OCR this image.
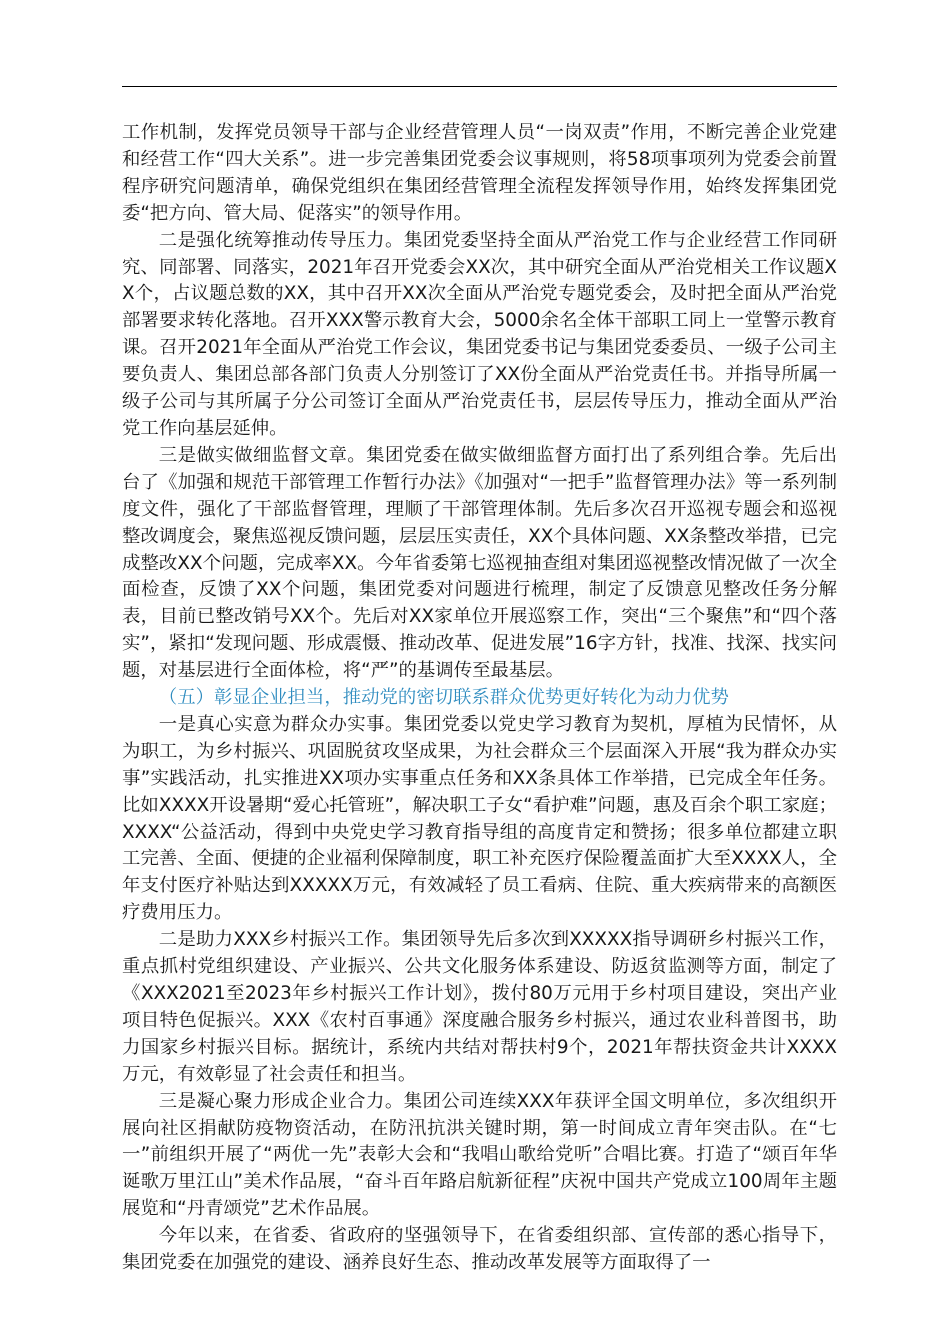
工作机制，发挥党员领导干部与企业经营管理人员“一岗双责”作用，不断完善企业党建和经营工作“四大关系”。进一步完善集团党委会议事规则，将58项事项列为党委会前置程序研究问题清单，确保党组织在集团经营管理全流程发挥领导作用，始终发挥集团党委“把方向、管大局、促落实”的领导作用。

二是强化统筹推动传导压力。集团党委坚持全面从严治党工作与企业经营工作同研究、同部署、同落实，2021年召开党委会XX次，其中研究全面从严治党相关工作议题XX个，占议题总数的XX，其中召开XX次全面从严治党专题党委会，及时把全面从严治党部署要求转化落地。召开XXX警示教育大会，5000余名全体干部职工同上一堂警示教育课。召开2021年全面从严治党工作会议，集团党委书记与集团党委委员、一级子公司主要负责人、集团总部各部门负责人分别签订了XX份全面从严治党责任书。并指导所属一级子公司与其所属子分公司签订全面从严治党责任书，层层传导压力，推动全面从严治党工作向基层延伸。

三是做实做细监督文章。集团党委在做实做细监督方面打出了系列组合拳。先后出台了《加强和规范干部管理工作暂行办法》《加强对“一把手”监督管理办法》等一系列制度文件，强化了干部监督管理，理顺了干部管理体制。先后多次召开巡视专题会和巡视整改调度会，聚焦巡视反馈问题，层层压实责任，XX个具体问题、XX条整改举措，已完成整改XX个问题，完成率XX。今年省委第七巡视抽查组对集团巡视整改情况做了一次全面检查，反馈了XX个问题，集团党委对问题进行梳理，制定了反馈意见整改任务分解表，目前已整改销号XX个。先后对XX家单位开展巡察工作，突出“三个聚焦”和“四个落实”，紧扣“发现问题、形成震慑、推动改革、促进发展”16字方针，找准、找深、找实问题，对基层进行全面体检，将“严”的基调传至最基层。

（五）彰显企业担当，推动党的密切联系群众优势更好转化为动力优势

一是真心实意为群众办实事。集团党委以党史学习教育为契机，厚植为民情怀，从为职工，为乡村振兴、巩固脱贫攻坚成果，为社会群众三个层面深入开展“我为群众办实事”实践活动，扎实推进XX项办实事重点任务和XX条具体工作举措，已完成全年任务。比如XXXX开设暑期“爱心托管班”，解决职工子女“看护难”问题，惠及百余个职工家庭；XXXX“公益活动，得到中央党史学习教育指导组的高度肯定和赞扬；很多单位都建立职工完善、全面、便捷的企业福利保障制度，职工补充医疗保险覆盖面扩大至XXXX人，全年支付医疗补贴达到XXXXX万元，有效减轻了员工看病、住院、重大疾病带来的高额医疗费用压力。

二是助力XXX乡村振兴工作。集团领导先后多次到XXXXX指导调研乡村振兴工作，重点抓村党组织建设、产业振兴、公共文化服务体系建设、防返贫监测等方面，制定了《XXX2021至2023年乡村振兴工作计划》，拨付80万元用于乡村项目建设，突出产业项目特色促振兴。XXX《农村百事通》深度融合服务乡村振兴，通过农业科普图书，助力国家乡村振兴目标。据统计，系统内共结对帮扶村9个，2021年帮扶资金共计XXXX万元，有效彰显了社会责任和担当。

三是凝心聚力形成企业合力。集团公司连续XXX年获评全国文明单位，多次组织开展向社区捐献防疫物资活动，在防汛抗洪关键时期，第一时间成立青年突击队。在“七一”前组织开展了“两优一先”表彰大会和“我唱山歌给党听”合唱比赛。打造了“颂百年华诞歌万里江山”美术作品展，“奋斗百年路启航新征程”庆祝中国共产党成立100周年主题展览和“丹青颂党”艺术作品展。

今年以来，在省委、省政府的坚强领导下，在省委组织部、宣传部的悉心指导下，集团党委在加强党的建设、涵养良好生态、推动改革发展等方面取得了一
